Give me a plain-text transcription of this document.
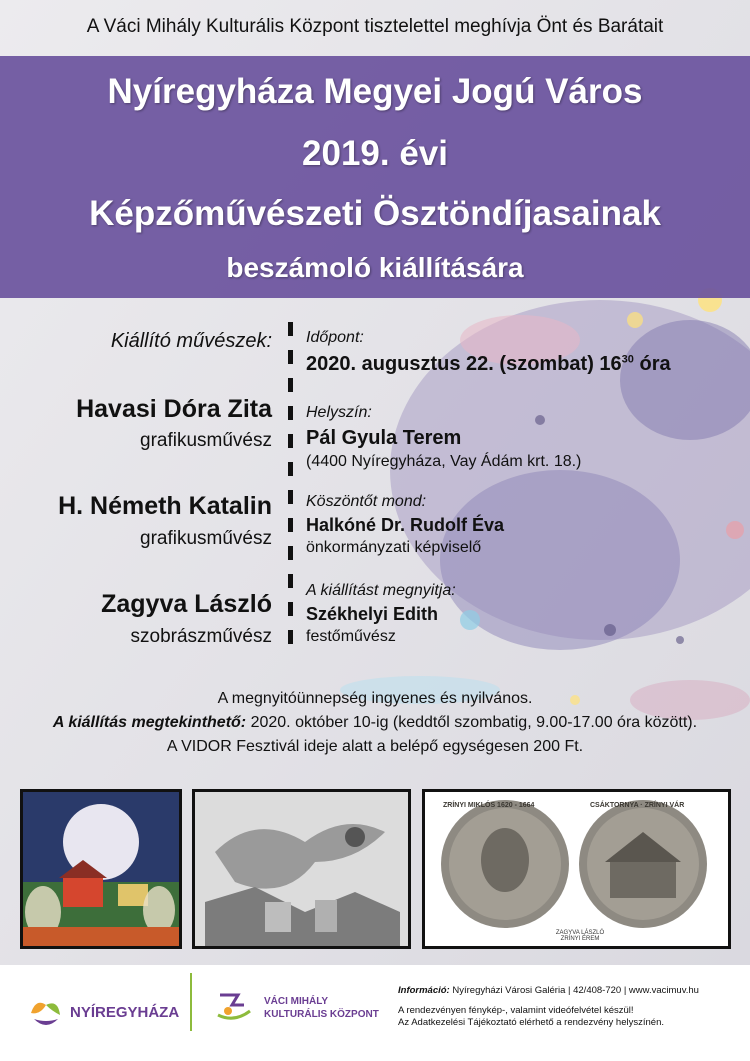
A Váci Mihály Kulturális Központ tisztelettel meghívja Önt és Barátait
Nyíregyháza Megyei Jogú Város
2019. évi
Képzőművészeti Ösztöndíjasainak
beszámoló kiállítására
Kiállító művészek:
Havasi Dóra Zita
grafikusművész
H. Németh Katalin
grafikusművész
Zagyva László
szobrászművész
Időpont:
2020. augusztus 22. (szombat) $16^{30}$ óra
Helyszín:
Pál Gyula Terem
(4400 Nyíregyháza, Vay Ádám krt. 18.)
Köszöntőt mond:
Halkóné Dr. Rudolf Éva
önkormányzati képviselő
A kiállítást megnyitja:
Székhelyi Edith
festőművész
A megnyitóünnepség ingyenes és nyilvános.
A kiállítás megtekinthető: 2020. október 10-ig (keddtől szombatig, 9.00-17.00 óra között).
A VIDOR Fesztivál ideje alatt a belépő egységesen 200 Ft.
ZAGYVA LÁSZLÓ
ZRÍNYI ÉREM
ZRÍNYI MIKLÓS 1620 - 1664	CSÁKTORNYA · ZRÍNYI VÁR
NYÍREGYHÁZA
VÁCI MIHÁLY
KULTURÁLIS KÖZPONT
Információ: Nyíregyházi Városi Galéria | 42/408-720 | www.vacimuv.hu
A rendezvényen fénykép-, valamint videófelvétel készül!
Az Adatkezelési Tájékoztató elérhető a rendezvény helyszínén.
